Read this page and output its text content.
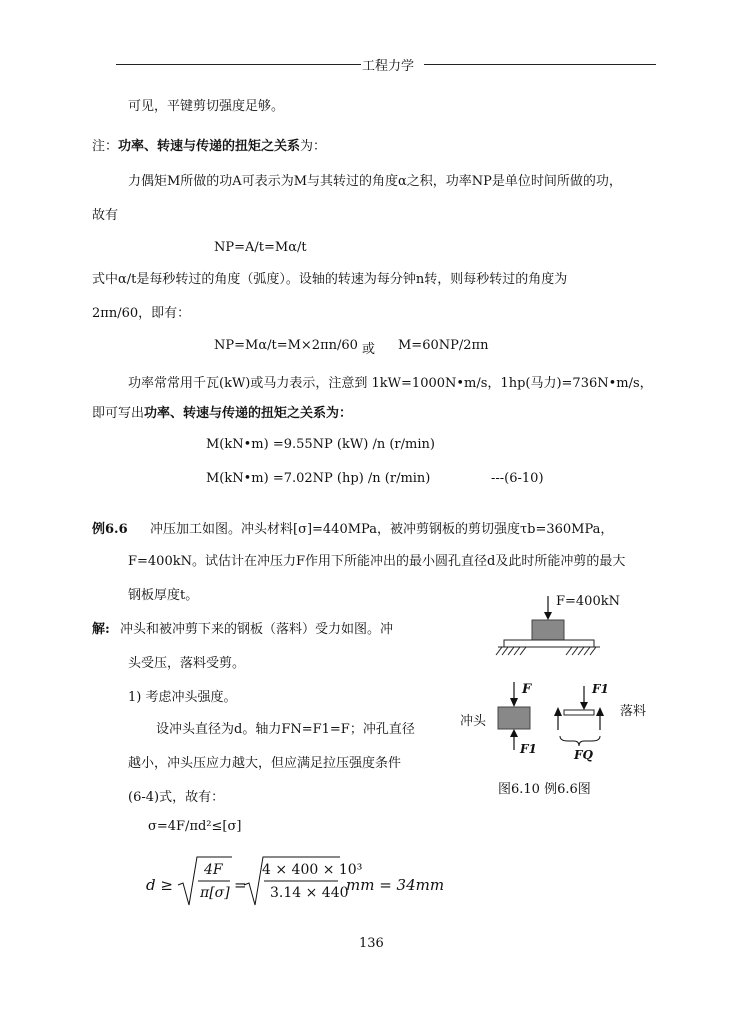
工程力学
可见，平键剪切强度足够。
注：功率、转速与传递的扭矩之关系为：
力偶矩M所做的功A可表示为M与其转过的角度α之积，功率NP是单位时间所做的功，
故有
NP=A/t=Mα/t
式中α/t是每秒转过的角度（弧度）。设轴的转速为每分钟n转，则每秒转过的角度为
2πn/60，即有：
NP=Mα/t=M×2πn/60 或 M=60NP/2πn
功率常常用千瓦(kW)或马力表示，注意到 1kW=1000N•m/s，1hp(马力)=736N•m/s，
即可写出功率、转速与传递的扭矩之关系为：
M(kN•m) =9.55NP (kW) /n (r/min)
M(kN•m) =7.02NP (hp) /n (r/min)	---(6-10)
例6.6 冲压加工如图。冲头材料[σ]=440MPa，被冲剪钢板的剪切强度τb=360MPa，
F=400kN。试估计在冲压力F作用下所能冲出的最小圆孔直径d及此时所能冲剪的最大
钢板厚度t。
解: 冲头和被冲剪下来的钢板（落料）受力如图。冲
头受压，落料受剪。
1) 考虑冲头强度。
设冲头直径为d。轴力FN=F1=F；冲孔直径
越小，冲头压应力越大，但应满足拉压强度条件
(6-4)式，故有：
σ=4F/πd²≤[σ]
d ≥
4F
π[σ] =
4 × 400 × 10³
3.14 × 440
mm = 34mm
F=400kN
冲头
落料
F	F1
F1	FQ
图6.10 例6.6图
136
